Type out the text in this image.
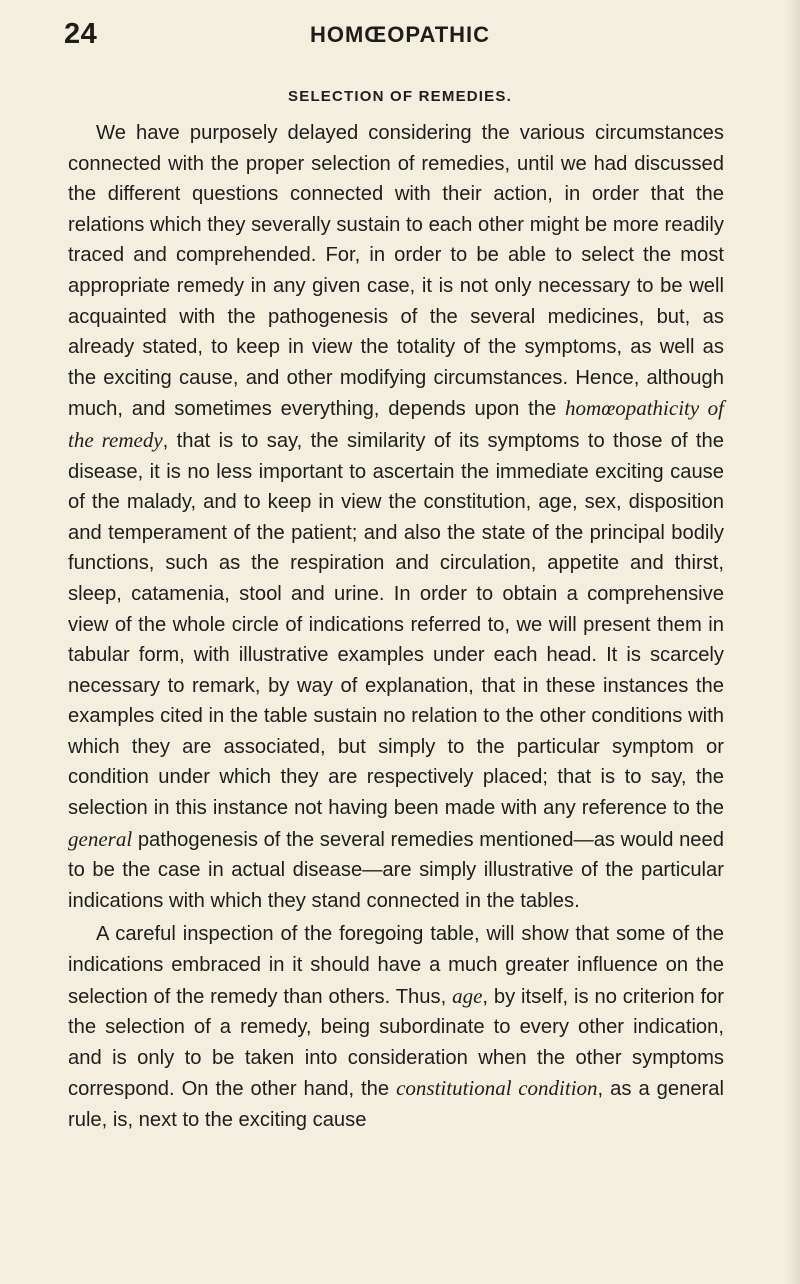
24	HOMŒOPATHIC
SELECTION OF REMEDIES.

We have purposely delayed considering the various circumstances connected with the proper selection of remedies, until we had discussed the different questions connected with their action, in order that the relations which they severally sustain to each other might be more readily traced and comprehended. For, in order to be able to select the most appropriate remedy in any given case, it is not only necessary to be well acquainted with the pathogenesis of the several medicines, but, as already stated, to keep in view the totality of the symptoms, as well as the exciting cause, and other modifying circumstances. Hence, although much, and sometimes everything, depends upon the homœopathicity of the remedy, that is to say, the similarity of its symptoms to those of the disease, it is no less important to ascertain the immediate exciting cause of the malady, and to keep in view the constitution, age, sex, disposition and temperament of the patient; and also the state of the principal bodily functions, such as the respiration and circulation, appetite and thirst, sleep, catamenia, stool and urine. In order to obtain a comprehensive view of the whole circle of indications referred to, we will present them in tabular form, with illustrative examples under each head. It is scarcely necessary to remark, by way of explanation, that in these instances the examples cited in the table sustain no relation to the other conditions with which they are associated, but simply to the particular symptom or condition under which they are respectively placed; that is to say, the selection in this instance not having been made with any reference to the general pathogenesis of the several remedies mentioned—as would need to be the case in actual disease—are simply illustrative of the particular indications with which they stand connected in the tables.

A careful inspection of the foregoing table, will show that some of the indications embraced in it should have a much greater influence on the selection of the remedy than others. Thus, age, by itself, is no criterion for the selection of a remedy, being subordinate to every other indication, and is only to be taken into consideration when the other symptoms correspond. On the other hand, the constitutional condition, as a general rule, is, next to the exciting cause
